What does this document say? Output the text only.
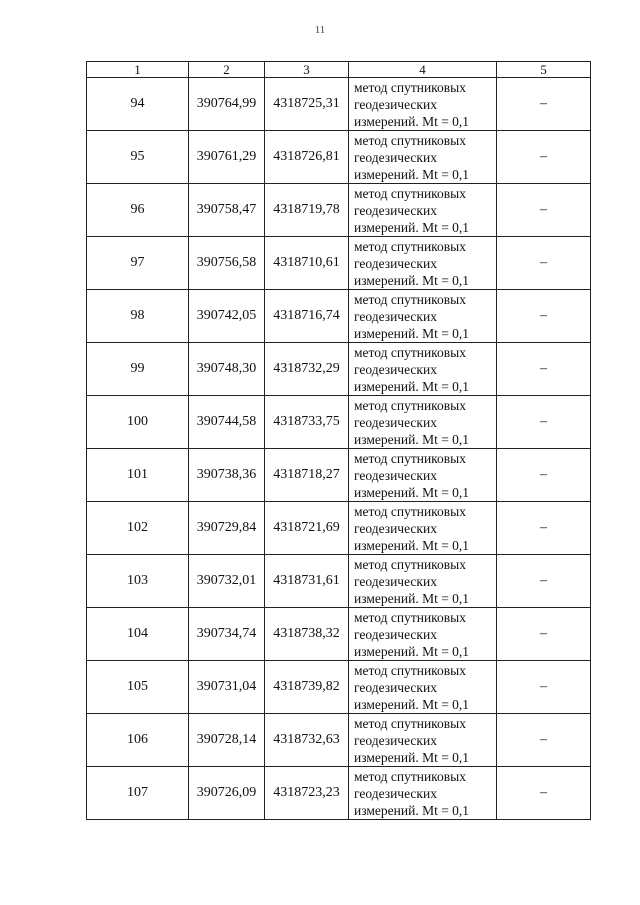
11
1	2	3	4	5
94	390764,99	4318725,31	метод спутниковых геодезических измерений. Mt = 0,1	–
95	390761,29	4318726,81	метод спутниковых геодезических измерений. Mt = 0,1	–
96	390758,47	4318719,78	метод спутниковых геодезических измерений. Mt = 0,1	–
97	390756,58	4318710,61	метод спутниковых геодезических измерений. Mt = 0,1	–
98	390742,05	4318716,74	метод спутниковых геодезических измерений. Mt = 0,1	–
99	390748,30	4318732,29	метод спутниковых геодезических измерений. Mt = 0,1	–
100	390744,58	4318733,75	метод спутниковых геодезических измерений. Mt = 0,1	–
101	390738,36	4318718,27	метод спутниковых геодезических измерений. Mt = 0,1	–
102	390729,84	4318721,69	метод спутниковых геодезических измерений. Mt = 0,1	–
103	390732,01	4318731,61	метод спутниковых геодезических измерений. Mt = 0,1	–
104	390734,74	4318738,32	метод спутниковых геодезических измерений. Mt = 0,1	–
105	390731,04	4318739,82	метод спутниковых геодезических измерений. Mt = 0,1	–
106	390728,14	4318732,63	метод спутниковых геодезических измерений. Mt = 0,1	–
107	390726,09	4318723,23	метод спутниковых геодезических измерений. Mt = 0,1	–
